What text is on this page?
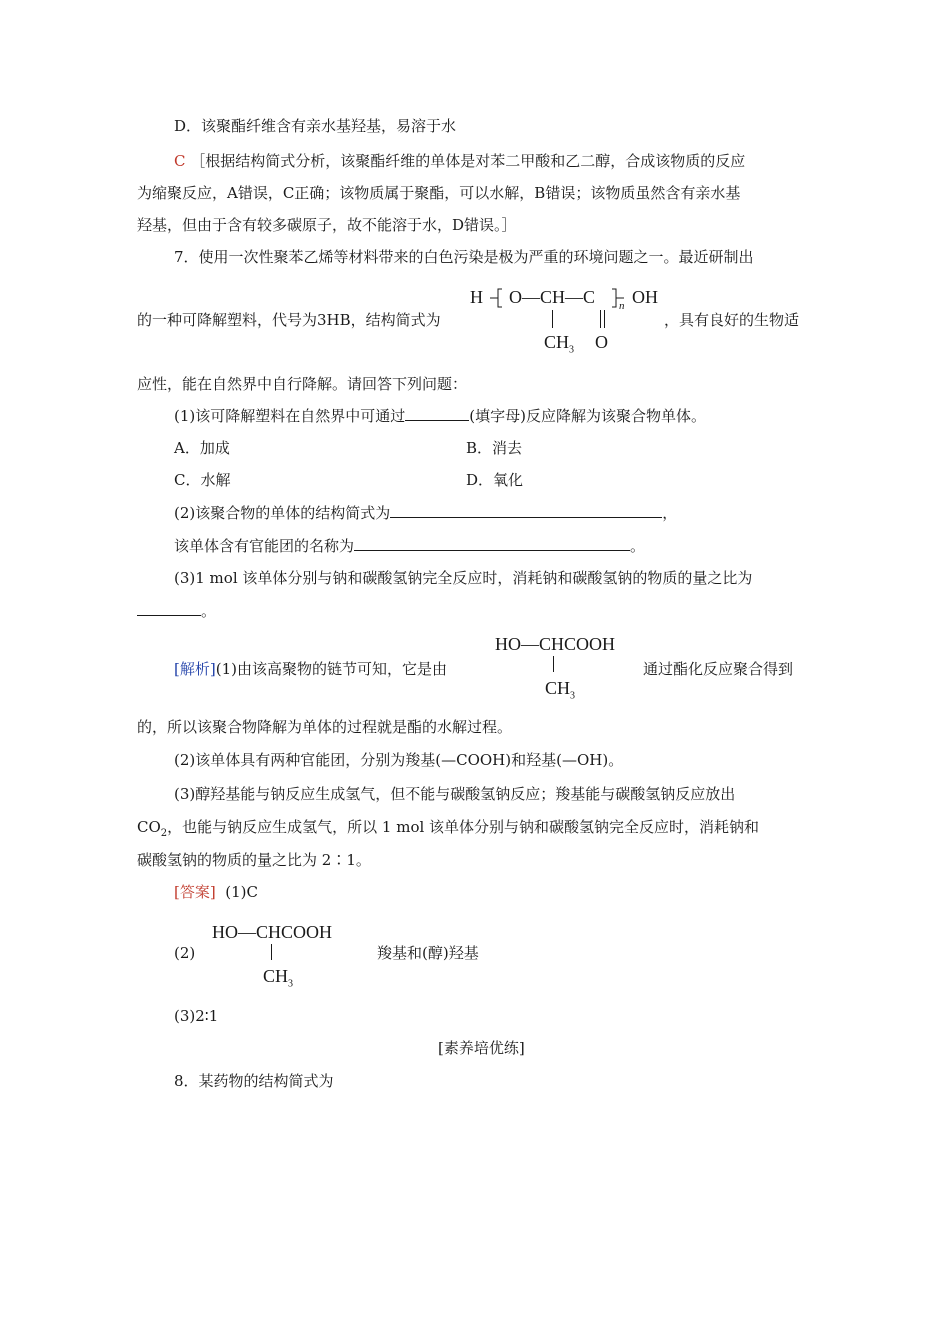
D．该聚酯纤维含有亲水基羟基，易溶于水
C ［根据结构简式分析，该聚酯纤维的单体是对苯二甲酸和乙二醇，合成该物质的反应
为缩聚反应，A错误，C正确；该物质属于聚酯，可以水解，B错误；该物质虽然含有亲水基
羟基，但由于含有较多碳原子，故不能溶于水，D错误。］
7．使用一次性聚苯乙烯等材料带来的白色污染是极为严重的环境问题之一。最近研制出
的一种可降解塑料，代号为3HB，结构简式为
H O—CH—C n OH
$CH_3$ O
，具有良好的生物适
应性，能在自然界中自行降解。请回答下列问题：
(1)该可降解塑料在自然界中可通过	(填字母)反应降解为该聚合物单体。
A．加成	B．消去
C．水解	D．氧化
(2)该聚合物的单体的结构简式为	，
该单体含有官能团的名称为	。
(3)1 mol 该单体分别与钠和碳酸氢钠完全反应时，消耗钠和碳酸氢钠的物质的量之比为
。
[解析](1)由该高聚物的链节可知，它是由
HO—CHCOOH
$CH_3$
通过酯化反应聚合得到
的，所以该聚合物降解为单体的过程就是酯的水解过程。
(2)该单体具有两种官能团，分别为羧基(—COOH)和羟基(—OH)。
(3)醇羟基能与钠反应生成氢气，但不能与碳酸氢钠反应；羧基能与碳酸氢钠反应放出
$CO_2$，也能与钠反应生成氢气，所以 1 mol 该单体分别与钠和碳酸氢钠完全反应时，消耗钠和
碳酸氢钠的物质的量之比为 2∶1。
[答案] (1)C
(2)
HO—CHCOOH
$CH_3$
羧基和(醇)羟基
(3)2∶1
[素养培优练]
8．某药物的结构简式为
